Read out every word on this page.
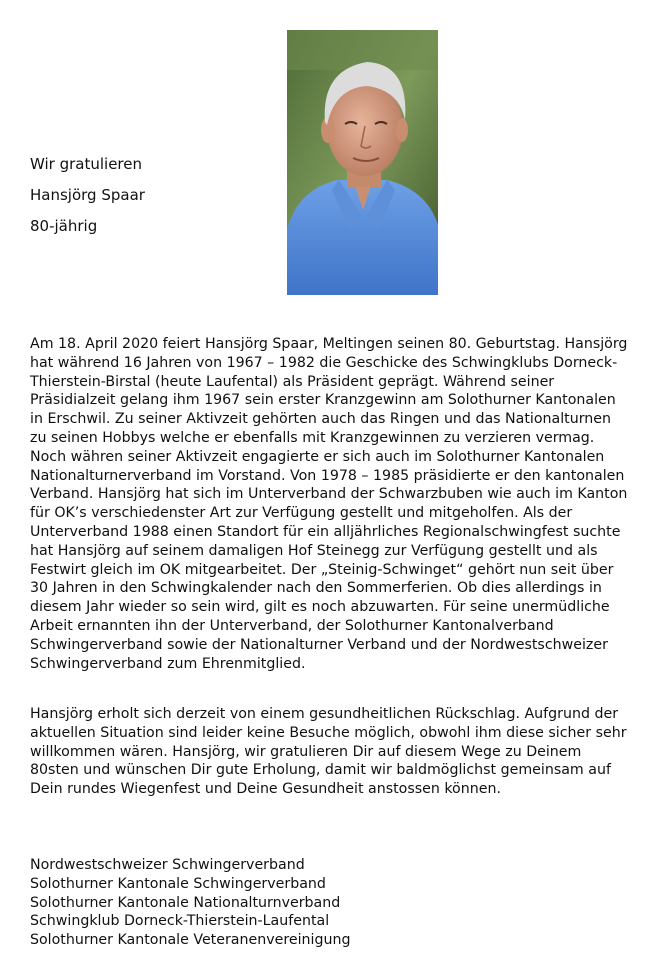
Wir gratulieren
Hansjörg Spaar
80-jährig

Am 18. April 2020 feiert Hansjörg Spaar, Meltingen seinen 80. Geburtstag. Hansjörg hat während 16 Jahren von 1967 – 1982 die Geschicke des Schwingklubs Dorneck-Thierstein-Birstal (heute Laufental) als Präsident geprägt. Während seiner Präsidialzeit gelang ihm 1967 sein erster Kranzgewinn am Solothurner Kantonalen in Erschwil. Zu seiner Aktivzeit gehörten auch das Ringen und das Nationalturnen zu seinen Hobbys welche er ebenfalls mit Kranzgewinnen zu verzieren vermag. Noch währen seiner Aktivzeit engagierte er sich auch im Solothurner Kantonalen Nationalturnerverband im Vorstand. Von 1978 – 1985 präsidierte er den kantonalen Verband. Hansjörg hat sich im Unterverband der Schwarzbuben wie auch im Kanton für OK’s verschiedenster Art zur Verfügung gestellt und mitgeholfen. Als der Unterverband 1988 einen Standort für ein alljährliches Regionalschwingfest suchte hat Hansjörg auf seinem damaligen Hof Steinegg zur Verfügung gestellt und als Festwirt gleich im OK mitgearbeitet. Der „Steinig-Schwinget“ gehört nun seit über 30 Jahren in den Schwingkalender nach den Sommerferien. Ob dies allerdings in diesem Jahr wieder so sein wird, gilt es noch abzuwarten. Für seine unermüdliche Arbeit ernannten ihn der Unterverband, der Solothurner Kantonalverband Schwingerverband sowie der Nationalturner Verband und der Nordwestschweizer Schwingerverband zum Ehrenmitglied.

Hansjörg erholt sich derzeit von einem gesundheitlichen Rückschlag. Aufgrund der aktuellen Situation sind leider keine Besuche möglich, obwohl ihm diese sicher sehr willkommen wären. Hansjörg, wir gratulieren Dir auf diesem Wege zu Deinem 80sten und wünschen Dir gute Erholung, damit wir baldmöglichst gemeinsam auf Dein rundes Wiegenfest und Deine Gesundheit anstossen können.

Nordwestschweizer Schwingerverband
Solothurner Kantonale Schwingerverband
Solothurner Kantonale Nationalturnverband
Schwingklub Dorneck-Thierstein-Laufental
Solothurner Kantonale Veteranenvereinigung
